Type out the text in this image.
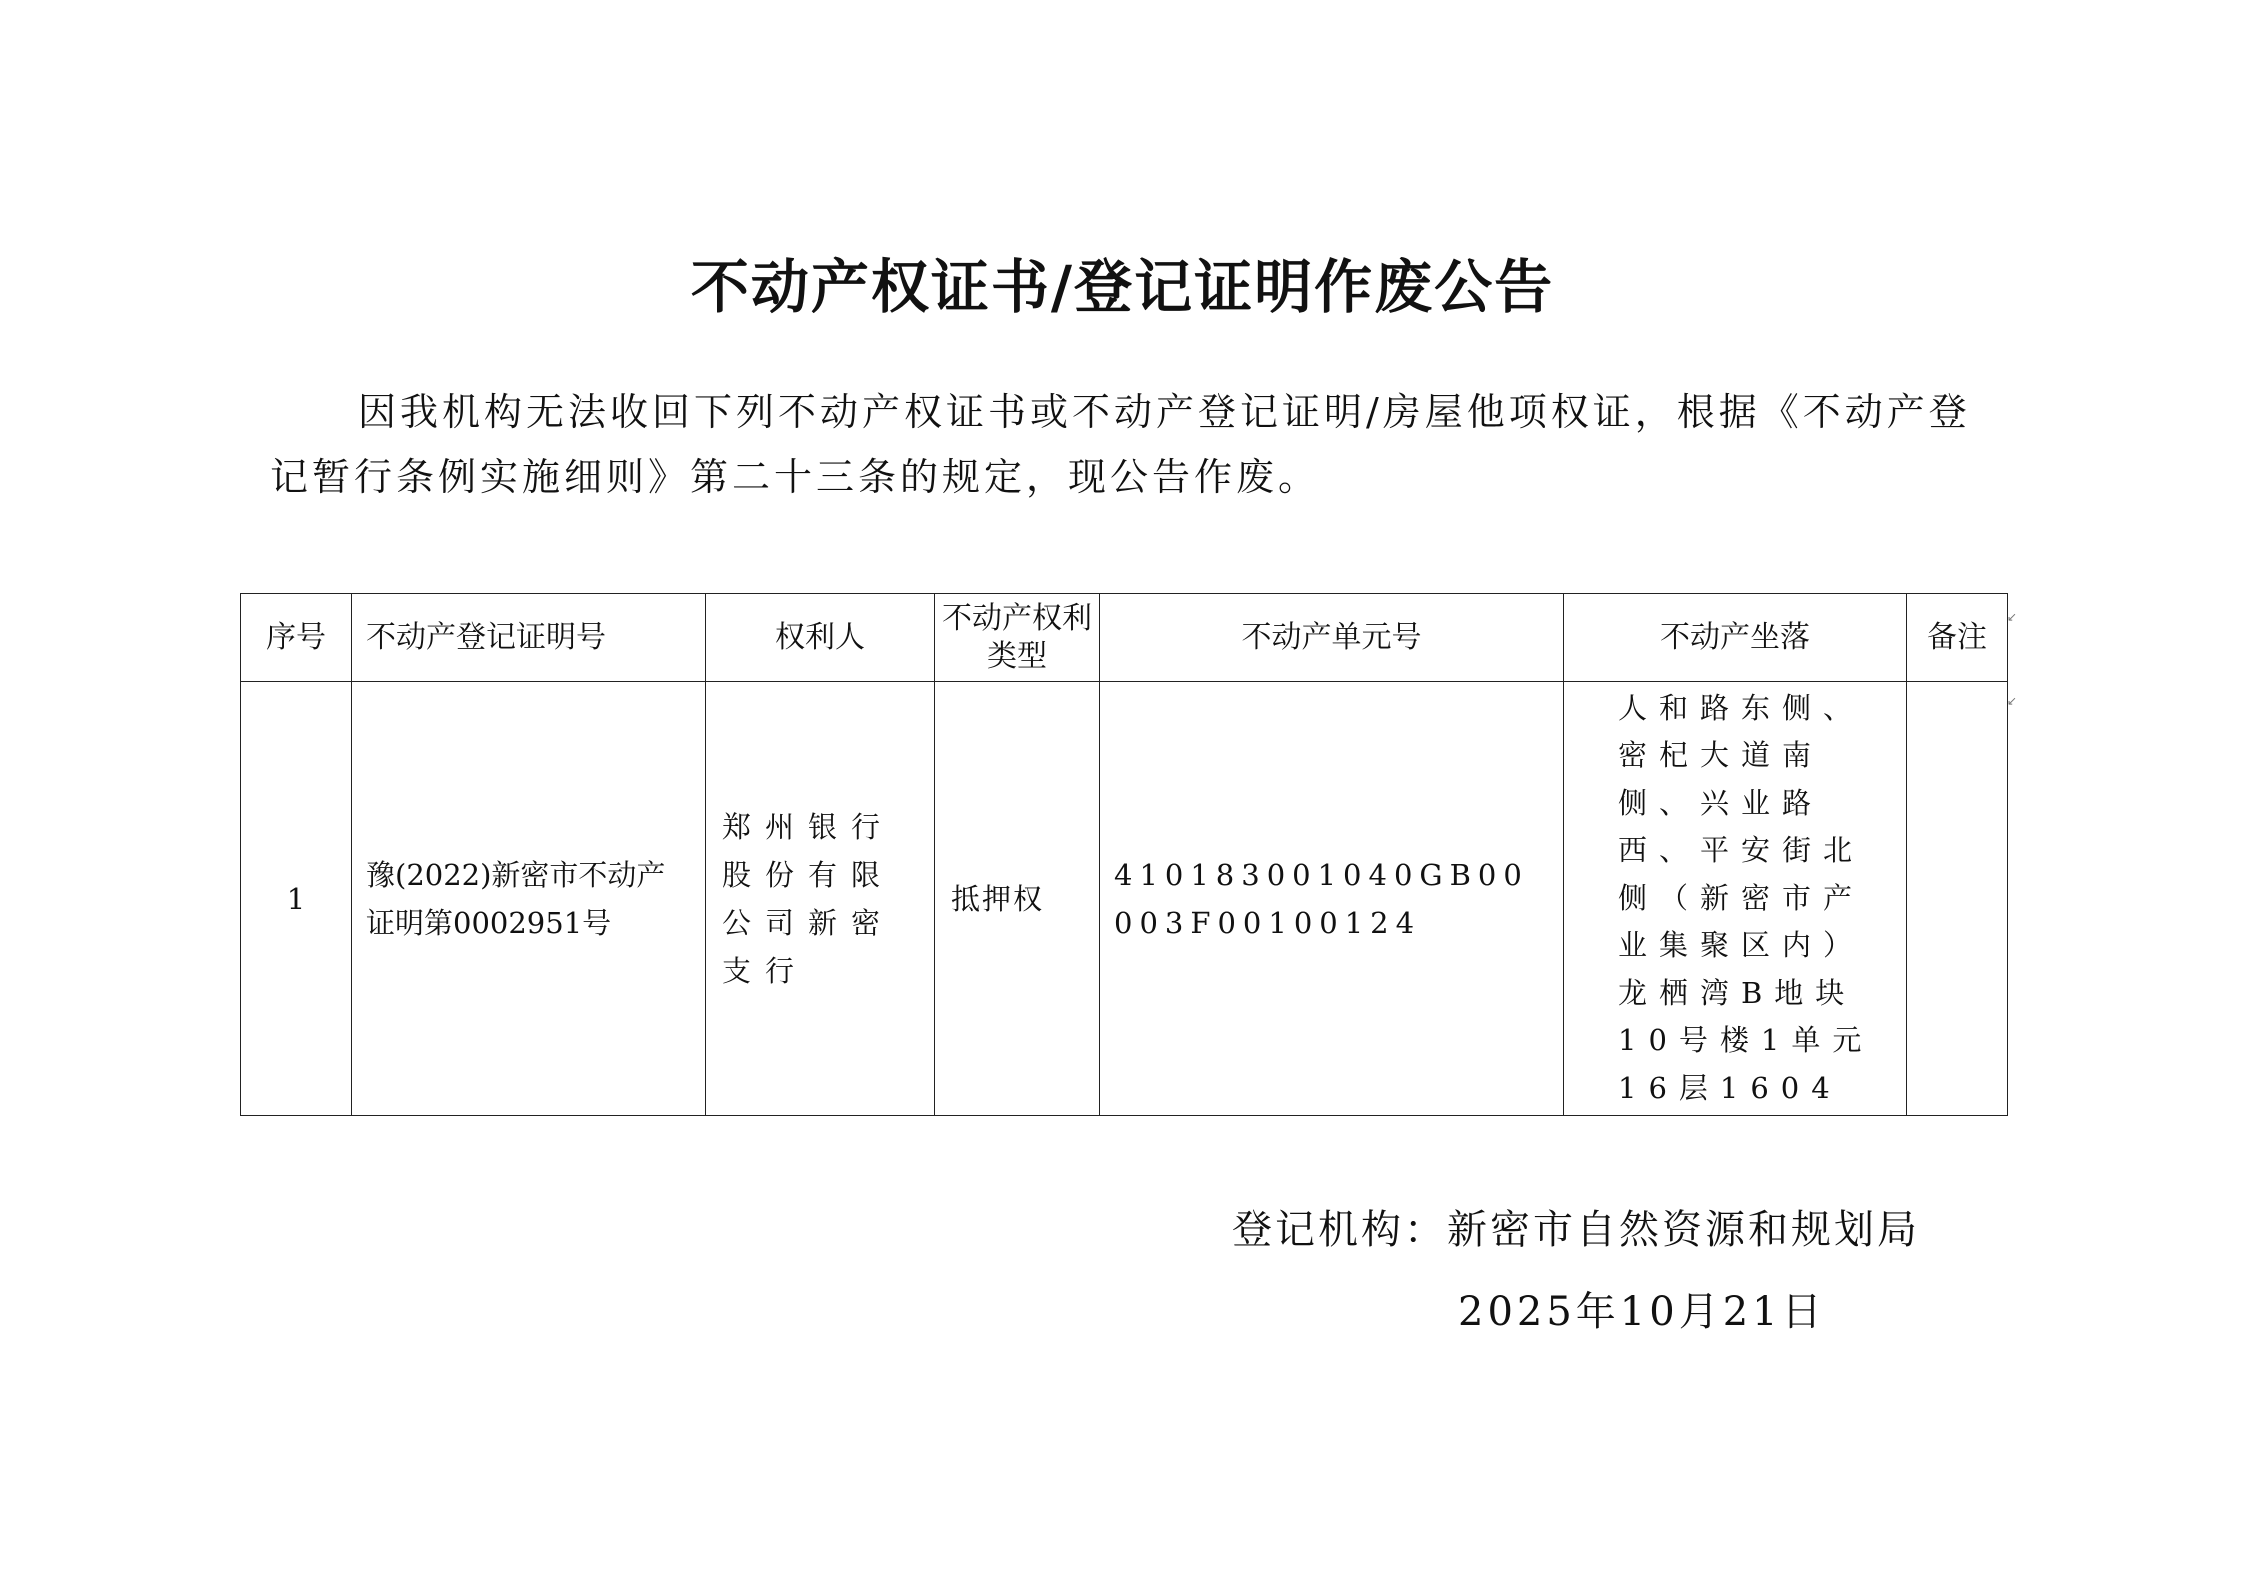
不动产权证书/登记证明作废公告
因我机构无法收回下列不动产权证书或不动产登记证明/房屋他项权证，根据《不动产登记暂行条例实施细则》第二十三条的规定，现公告作废。
序号	不动产登记证明号	权利人	不动产权利类型	不动产单元号	不动产坐落	备注
1	豫(2022)新密市不动产证明第0002951号	郑州银行股份有限公司新密支行	抵押权	410183001040GB00003F00100124	人和路东侧、密杞大道南侧、兴业路西、平安街北侧（新密市产业集聚区内）龙栖湾B地块10号楼1单元16层1604	
↙
↙
登记机构：新密市自然资源和规划局
2025年10月21日
